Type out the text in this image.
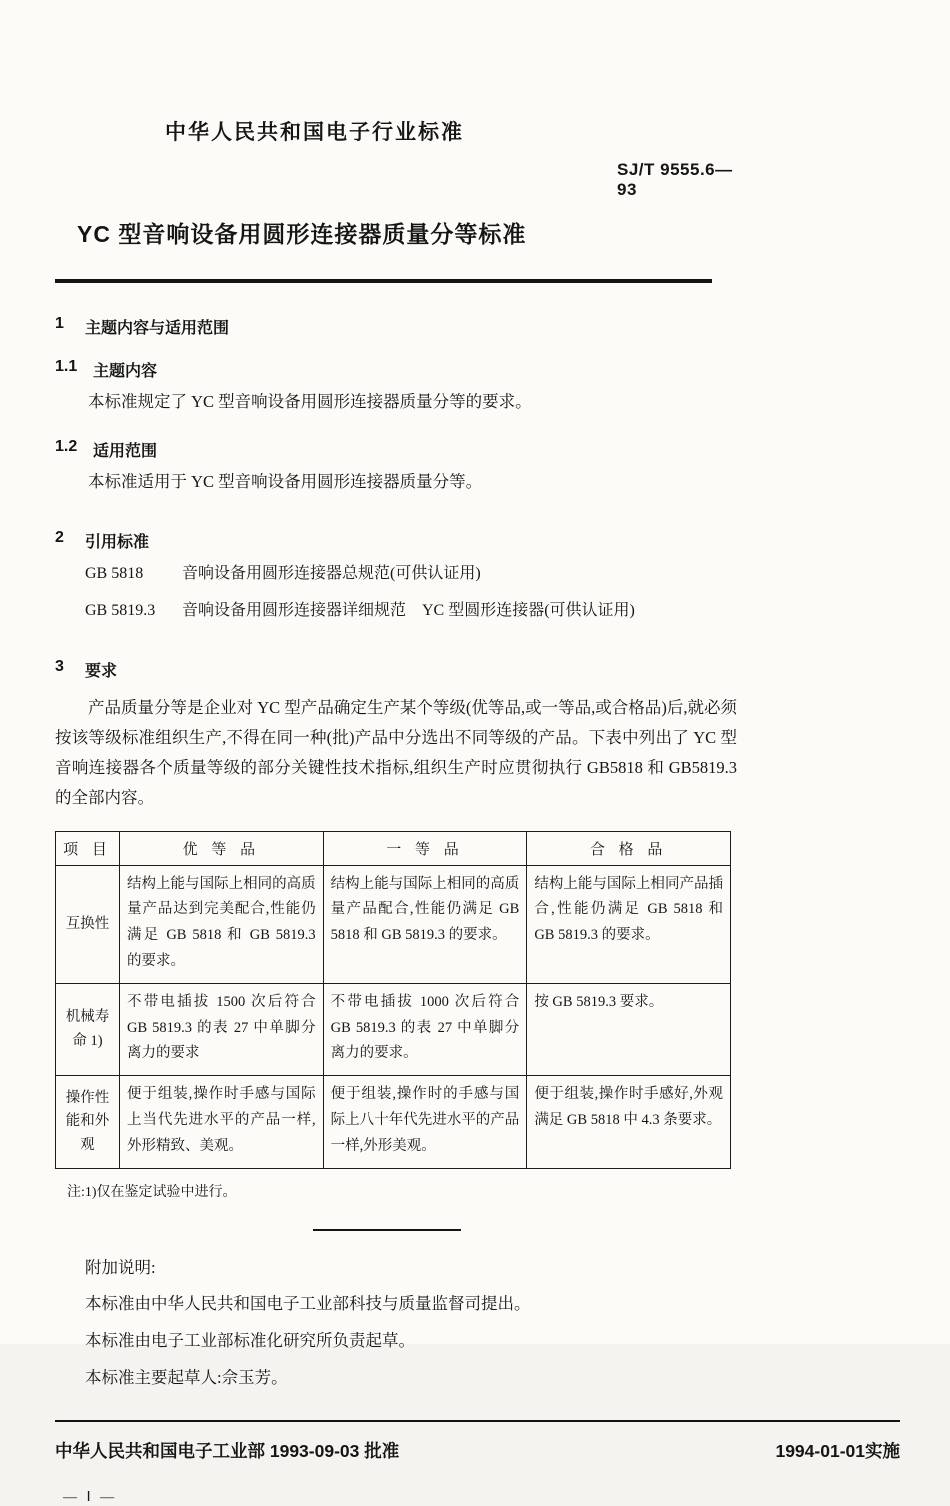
中华人民共和国电子行业标准
SJ/T 9555.6—93
YC 型音响设备用圆形连接器质量分等标准
1	主题内容与适用范围
1.1 主题内容

本标准规定了 YC 型音响设备用圆形连接器质量分等的要求。

1.2 适用范围

本标准适用于 YC 型音响设备用圆形连接器质量分等。

2	引用标准
GB 5818	音响设备用圆形连接器总规范(可供认证用)
GB 5819.3	音响设备用圆形连接器详细规范　YC 型圆形连接器(可供认证用)
3	要求

产品质量分等是企业对 YC 型产品确定生产某个等级(优等品,或一等品,或合格品)后,就必须按该等级标准组织生产,不得在同一种(批)产品中分选出不同等级的产品。下表中列出了 YC 型音响连接器各个质量等级的部分关键性技术指标,组织生产时应贯彻执行 GB5818 和 GB5819.3 的全部内容。

项 目	优 等 品	一 等 品	合 格 品
互换性	结构上能与国际上相同的高质量产品达到完美配合,性能仍满足 GB 5818 和 GB 5819.3 的要求。	结构上能与国际上相同的高质量产品配合,性能仍满足 GB 5818 和 GB 5819.3 的要求。	结构上能与国际上相同产品插合,性能仍满足 GB 5818 和 GB 5819.3 的要求。
机械寿命 1)	不带电插拔 1500 次后符合 GB 5819.3 的表 27 中单脚分离力的要求	不带电插拔 1000 次后符合 GB 5819.3 的表 27 中单脚分离力的要求。	按 GB 5819.3 要求。
操作性能和外观	便于组装,操作时手感与国际上当代先进水平的产品一样,外形精致、美观。	便于组装,操作时的手感与国际上八十年代先进水平的产品一样,外形美观。	便于组装,操作时手感好,外观满足 GB 5818 中 4.3 条要求。

注:1)仅在鉴定试验中进行。

附加说明:

本标准由中华人民共和国电子工业部科技与质量监督司提出。

本标准由电子工业部标准化研究所负责起草。

本标准主要起草人:佘玉芳。

中华人民共和国电子工业部 1993-09-03 批准	1994-01-01实施
— Ⅰ —
